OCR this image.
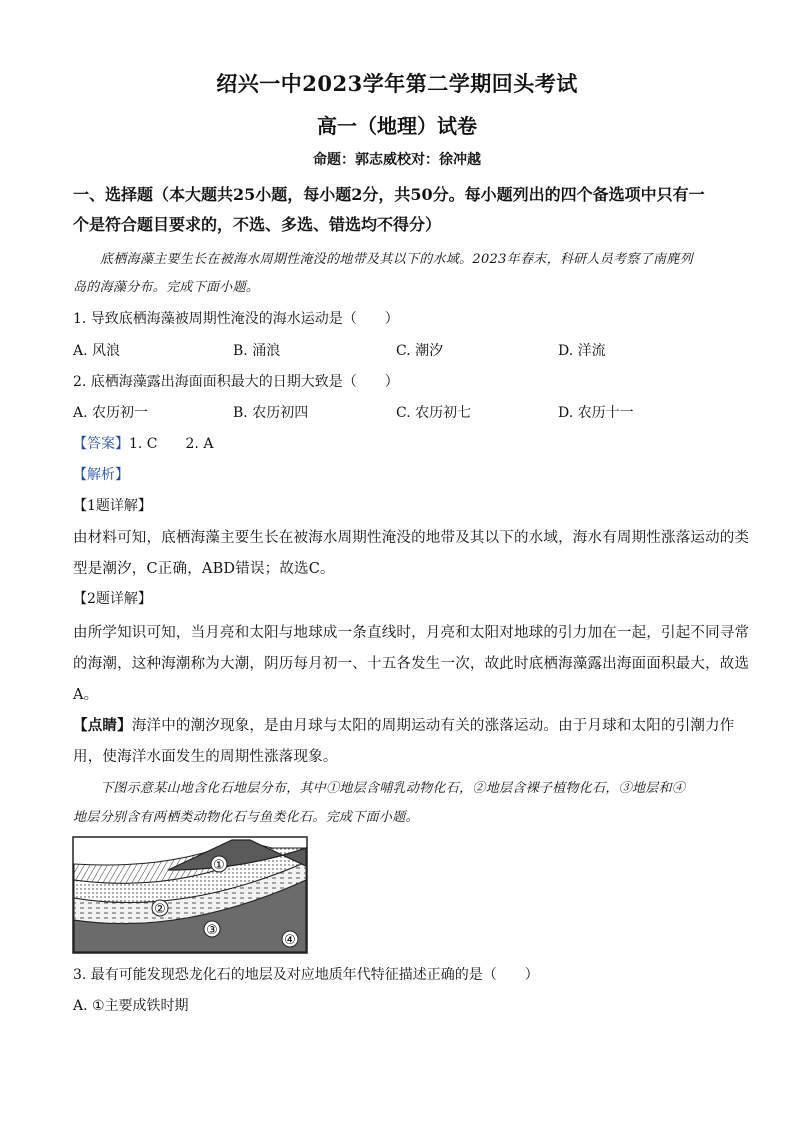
绍兴一中2023学年第二学期回头考试
高一（地理）试卷
命题：郭志威校对：徐冲越
一、选择题（本大题共25小题，每小题2分，共50分。每小题列出的四个备选项中只有一
个是符合题目要求的，不选、多选、错选均不得分）
底栖海藻主要生长在被海水周期性淹没的地带及其以下的水域。2023年春末，科研人员考察了南麂列
岛的海藻分布。完成下面小题。
1. 导致底栖海藻被周期性淹没的海水运动是（　　）
A. 风浪	B. 涌浪	C. 潮汐	D. 洋流
2. 底栖海藻露出海面面积最大的日期大致是（　　）
A. 农历初一	B. 农历初四	C. 农历初七	D. 农历十一
【答案】1. C　　2. A
【解析】
【1题详解】
由材料可知，底栖海藻主要生长在被海水周期性淹没的地带及其以下的水域，海水有周期性涨落运动的类
型是潮汐，C正确，ABD错误；故选C。
【2题详解】
由所学知识可知，当月亮和太阳与地球成一条直线时，月亮和太阳对地球的引力加在一起，引起不同寻常
的海潮，这种海潮称为大潮，阴历每月初一、十五各发生一次，故此时底栖海藻露出海面面积最大，故选
A。
【点睛】海洋中的潮汐现象，是由月球与太阳的周期运动有关的涨落运动。由于月球和太阳的引潮力作
用，使海洋水面发生的周期性涨落现象。
下图示意某山地含化石地层分布，其中①地层含哺乳动物化石，②地层含裸子植物化石，③地层和④
地层分别含有两栖类动物化石与鱼类化石。完成下面小题。
①
②
③
④
3. 最有可能发现恐龙化石的地层及对应地质年代特征描述正确的是（　　）
A. ①主要成铁时期
